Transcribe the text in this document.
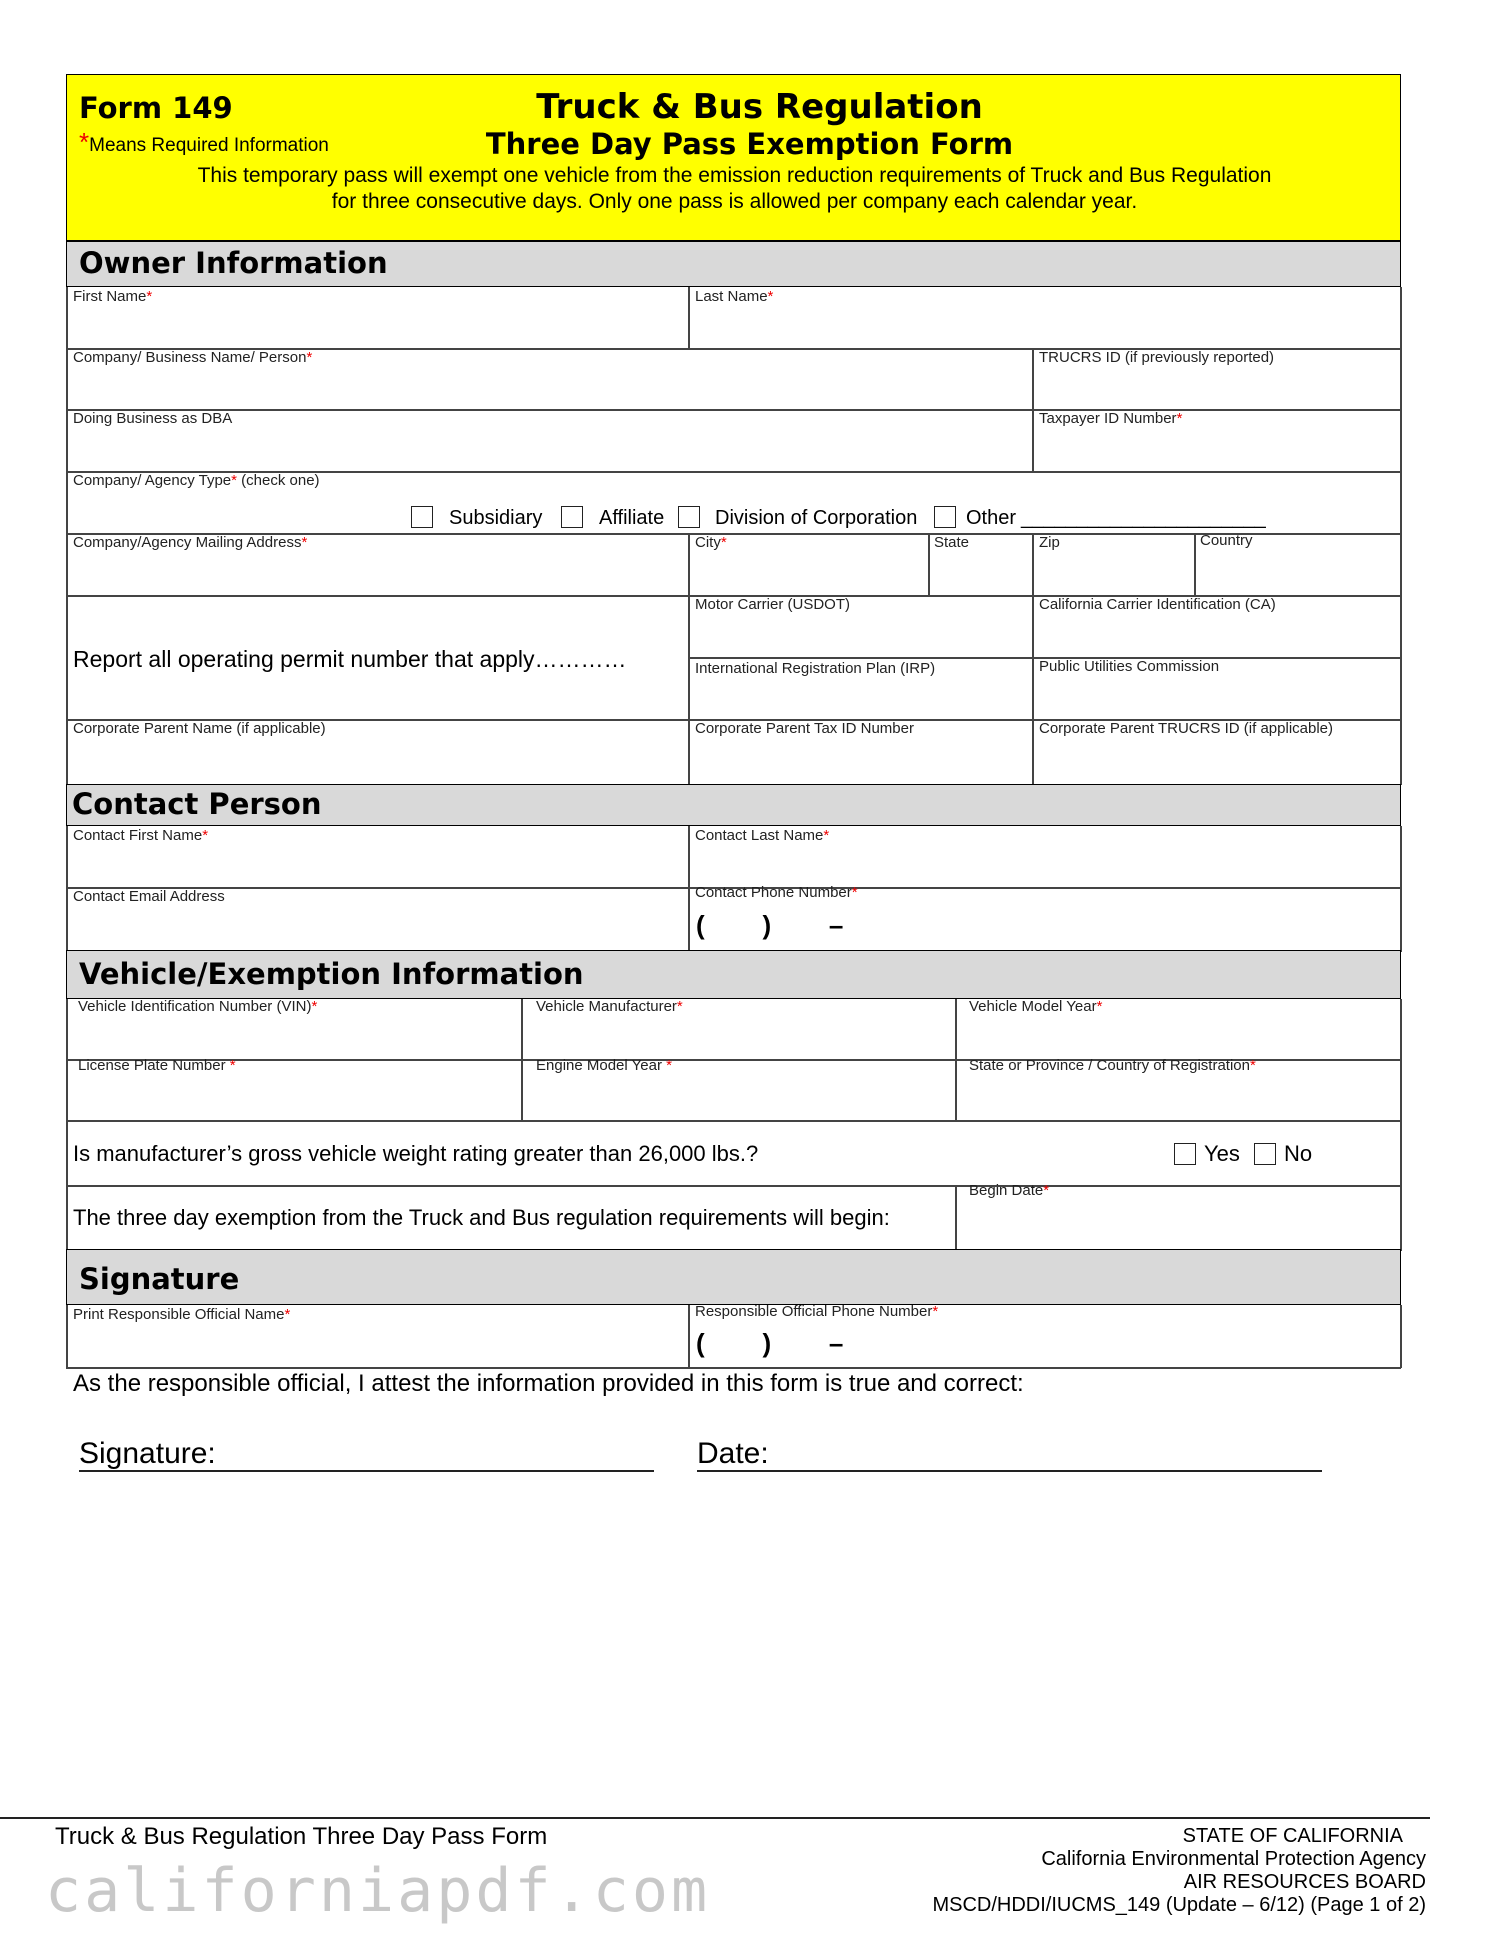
Form 149
*Means Required Information
Truck & Bus Regulation
Three Day Pass Exemption Form
This temporary pass will exempt one vehicle from the emission reduction requirements of Truck and Bus Regulation
for three consecutive days. Only one pass is allowed per company each calendar year.
Owner Information
First Name*	Last Name*
Company/ Business Name/ Person*	TRUCRS ID (if previously reported)
Doing Business as DBA	Taxpayer ID Number*
Company/ Agency Type* (check one)
Subsidiary	Affiliate	Division of Corporation Other ______________________
Company/Agency Mailing Address*	City*	State	Zip	Country
Report all operating permit number that apply…………
Motor Carrier (USDOT)	California Carrier Identification (CA)
International Registration Plan (IRP)	Public Utilities Commission
Corporate Parent Name (if applicable)	Corporate Parent Tax ID Number	Corporate Parent TRUCRS ID (if applicable)
Contact Person
Contact First Name*	Contact Last Name*
Contact Email Address	Contact Phone Number*
(        )        –
Vehicle/Exemption Information
Vehicle Identification Number (VIN)*	Vehicle Manufacturer*	Vehicle Model Year*
License Plate Number *	Engine Model Year *	State or Province / Country of Registration*
Is manufacturer’s gross vehicle weight rating greater than 26,000 lbs.?	Yes No
The three day exemption from the Truck and Bus regulation requirements will begin:
Begin Date*
Signature
Print Responsible Official Name*	Responsible Official Phone Number*
(        )        –
As the responsible official, I attest the information provided in this form is true and correct:
Signature:	Date:
Truck & Bus Regulation Three Day Pass Form
californiapdf.com
STATE OF CALIFORNIA
California Environmental Protection Agency
AIR RESOURCES BOARD
MSCD/HDDI/IUCMS_149 (Update – 6/12) (Page 1 of 2)
